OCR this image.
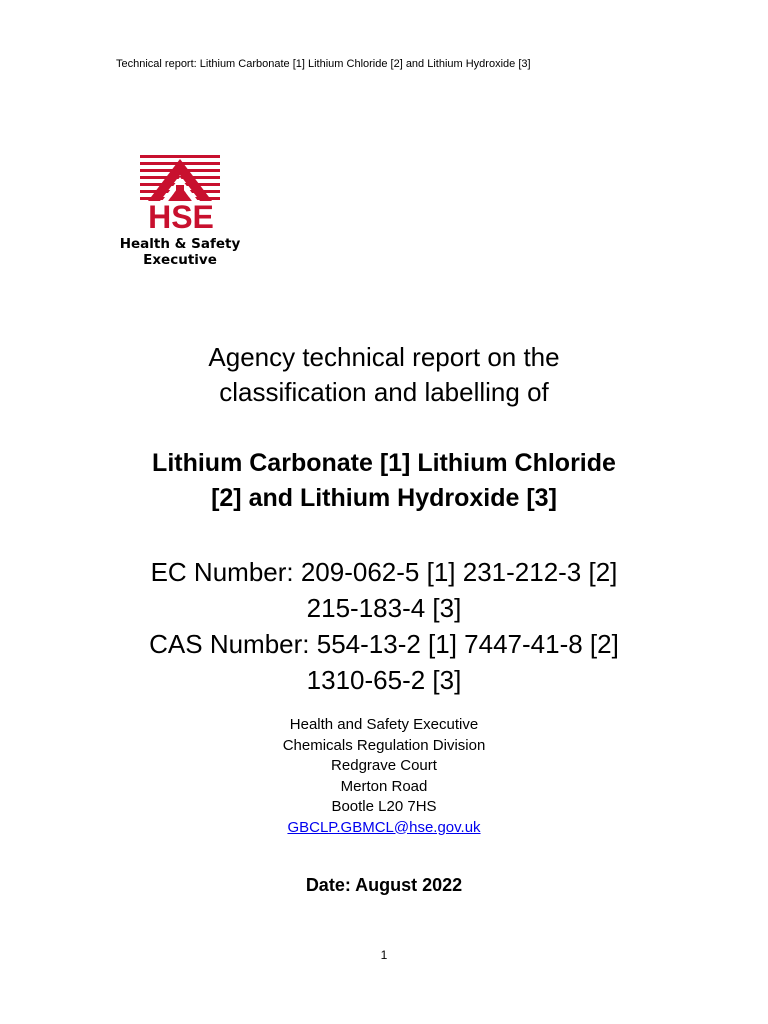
Technical report: Lithium Carbonate [1] Lithium Chloride [2] and Lithium Hydroxide [3]
HSE
Health & Safety
Executive
Agency technical report on the
classification and labelling of
Lithium Carbonate [1] Lithium Chloride
[2] and Lithium Hydroxide [3]
EC Number: 209-062-5 [1] 231-212-3 [2]
215-183-4 [3]
CAS Number: 554-13-2 [1] 7447-41-8 [2]
1310-65-2 [3]
Health and Safety Executive
Chemicals Regulation Division
Redgrave Court
Merton Road
Bootle L20 7HS
GBCLP.GBMCL@hse.gov.uk
Date: August 2022
1
